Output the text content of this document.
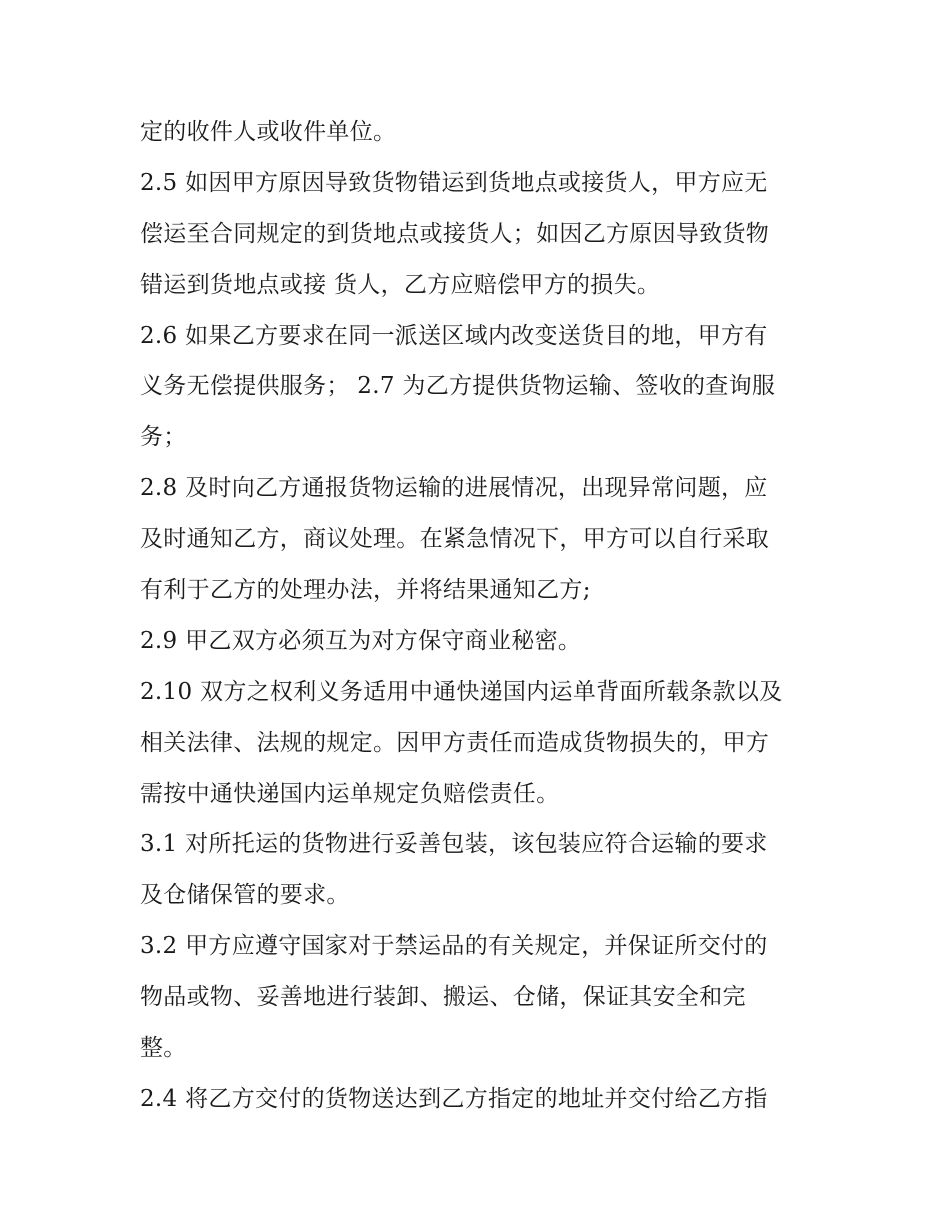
定的收件人或收件单位。
2.5 如因甲方原因导致货物错运到货地点或接货人，甲方应无
偿运至合同规定的到货地点或接货人；如因乙方原因导致货物
错运到货地点或接 货人，乙方应赔偿甲方的损失。
2.6 如果乙方要求在同一派送区域内改变送货目的地，甲方有
义务无偿提供服务； 2.7 为乙方提供货物运输、签收的查询服
务；
2.8 及时向乙方通报货物运输的进展情况，出现异常问题，应
及时通知乙方，商议处理。在紧急情况下，甲方可以自行采取
有利于乙方的处理办法，并将结果通知乙方;
2.9 甲乙双方必须互为对方保守商业秘密。
2.10 双方之权利义务适用中通快递国内运单背面所载条款以及
相关法律、法规的规定。因甲方责任而造成货物损失的，甲方
需按中通快递国内运单规定负赔偿责任。
3.1 对所托运的货物进行妥善包装，该包装应符合运输的要求
及仓储保管的要求。
3.2 甲方应遵守国家对于禁运品的有关规定，并保证所交付的
物品或物、妥善地进行装卸、搬运、仓储，保证其安全和完
整。
2.4 将乙方交付的货物送达到乙方指定的地址并交付给乙方指
